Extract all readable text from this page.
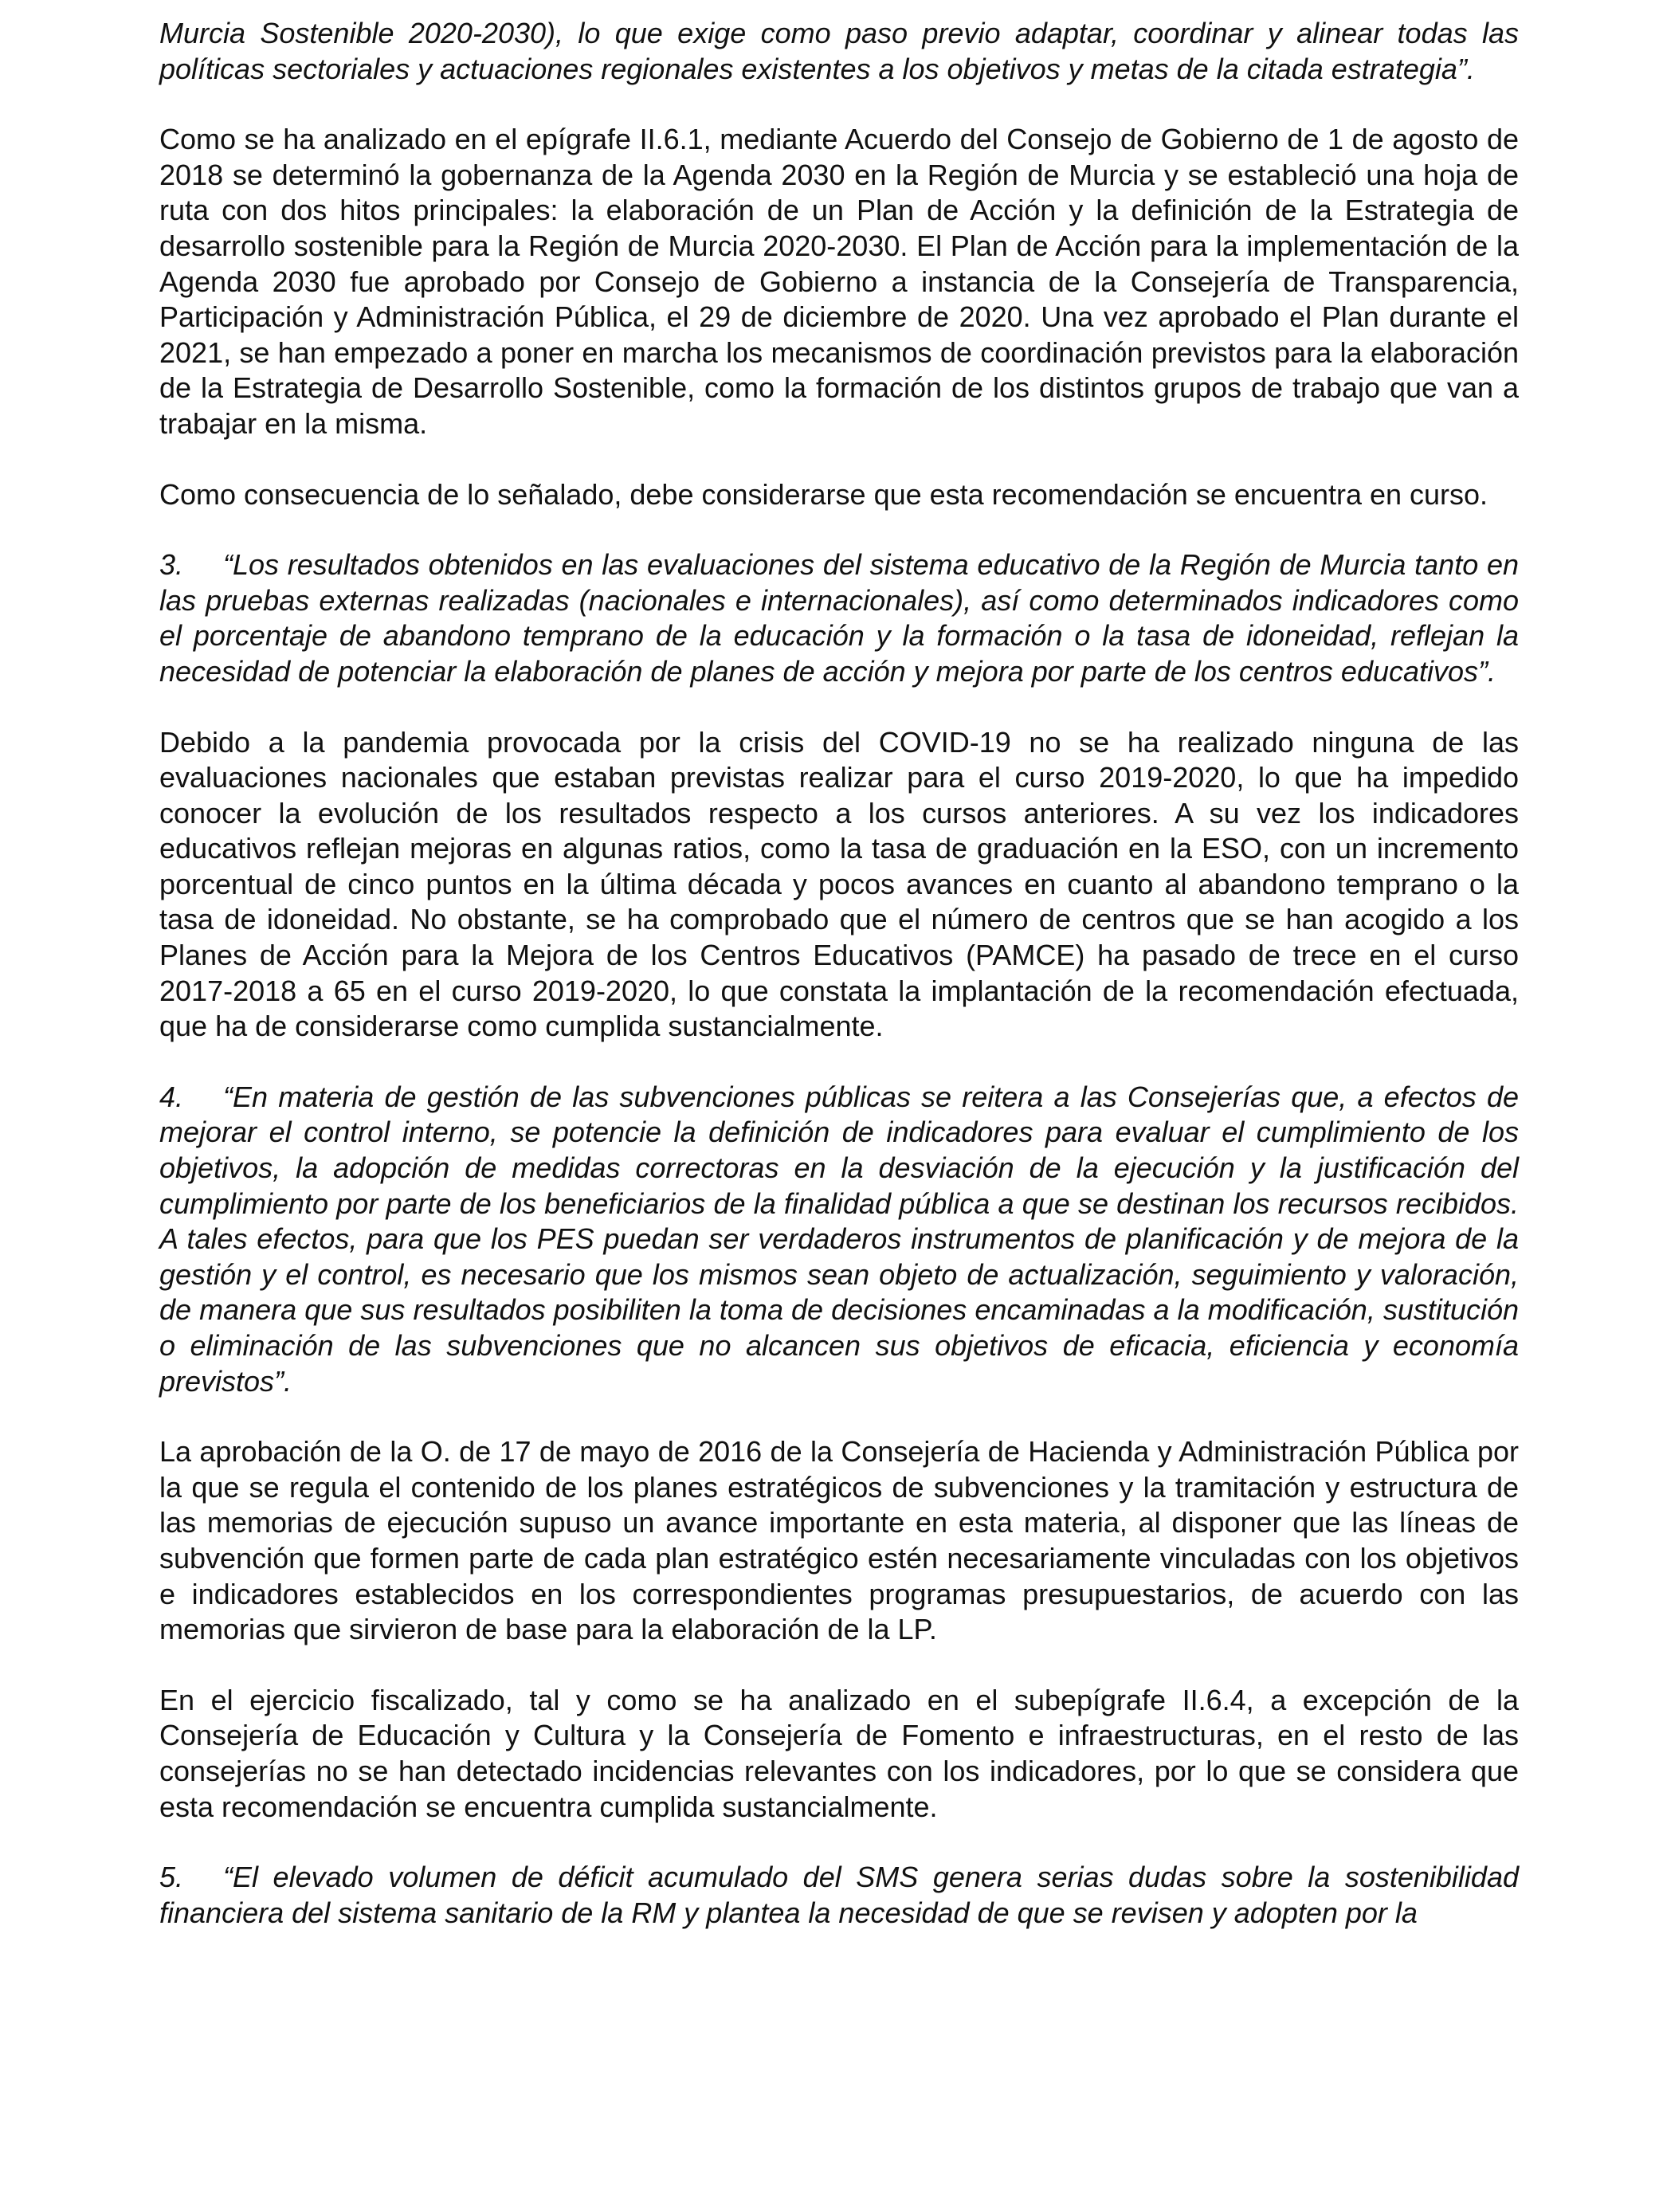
Murcia Sostenible 2020-2030), lo que exige como paso previo adaptar, coordinar y alinear todas las políticas sectoriales y actuaciones regionales existentes a los objetivos y metas de la citada estrategia”.

Como se ha analizado en el epígrafe II.6.1, mediante Acuerdo del Consejo de Gobierno de 1 de agosto de 2018 se determinó la gobernanza de la Agenda 2030 en la Región de Murcia y se estableció una hoja de ruta con dos hitos principales: la elaboración de un Plan de Acción y la definición de la Estrategia de desarrollo sostenible para la Región de Murcia 2020-2030. El Plan de Acción para la implementación de la Agenda 2030 fue aprobado por Consejo de Gobierno a instancia de la Consejería de Transparencia, Participación y Administración Pública, el 29 de diciembre de 2020. Una vez aprobado el Plan durante el 2021, se han empezado a poner en marcha los mecanismos de coordinación previstos para la elaboración de la Estrategia de Desarrollo Sostenible, como la formación de los distintos grupos de trabajo que van a trabajar en la misma.

Como consecuencia de lo señalado, debe considerarse que esta recomendación se encuentra en curso.

3. “Los resultados obtenidos en las evaluaciones del sistema educativo de la Región de Murcia tanto en las pruebas externas realizadas (nacionales e internacionales), así como determinados indicadores como el porcentaje de abandono temprano de la educación y la formación o la tasa de idoneidad, reflejan la necesidad de potenciar la elaboración de planes de acción y mejora por parte de los centros educativos”.

Debido a la pandemia provocada por la crisis del COVID-19 no se ha realizado ninguna de las evaluaciones nacionales que estaban previstas realizar para el curso 2019-2020, lo que ha impedido conocer la evolución de los resultados respecto a los cursos anteriores. A su vez los indicadores educativos reflejan mejoras en algunas ratios, como la tasa de graduación en la ESO, con un incremento porcentual de cinco puntos en la última década y pocos avances en cuanto al abandono temprano o la tasa de idoneidad. No obstante, se ha comprobado que el número de centros que se han acogido a los Planes de Acción para la Mejora de los Centros Educativos (PAMCE) ha pasado de trece en el curso 2017-2018 a 65 en el curso 2019-2020, lo que constata la implantación de la recomendación efectuada, que ha de considerarse como cumplida sustancialmente.

4. “En materia de gestión de las subvenciones públicas se reitera a las Consejerías que, a efectos de mejorar el control interno, se potencie la definición de indicadores para evaluar el cumplimiento de los objetivos, la adopción de medidas correctoras en la desviación de la ejecución y la justificación del cumplimiento por parte de los beneficiarios de la finalidad pública a que se destinan los recursos recibidos. A tales efectos, para que los PES puedan ser verdaderos instrumentos de planificación y de mejora de la gestión y el control, es necesario que los mismos sean objeto de actualización, seguimiento y valoración, de manera que sus resultados posibiliten la toma de decisiones encaminadas a la modificación, sustitución o eliminación de las subvenciones que no alcancen sus objetivos de eficacia, eficiencia y economía previstos”.

La aprobación de la O. de 17 de mayo de 2016 de la Consejería de Hacienda y Administración Pública por la que se regula el contenido de los planes estratégicos de subvenciones y la tramitación y estructura de las memorias de ejecución supuso un avance importante en esta materia, al disponer que las líneas de subvención que formen parte de cada plan estratégico estén necesariamente vinculadas con los objetivos e indicadores establecidos en los correspondientes programas presupuestarios, de acuerdo con las memorias que sirvieron de base para la elaboración de la LP.

En el ejercicio fiscalizado, tal y como se ha analizado en el subepígrafe II.6.4, a excepción de la Consejería de Educación y Cultura y la Consejería de Fomento e infraestructuras, en el resto de las consejerías no se han detectado incidencias relevantes con los indicadores, por lo que se considera que esta recomendación se encuentra cumplida sustancialmente.

5. “El elevado volumen de déficit acumulado del SMS genera serias dudas sobre la sostenibilidad financiera del sistema sanitario de la RM y plantea la necesidad de que se revisen y adopten por la
